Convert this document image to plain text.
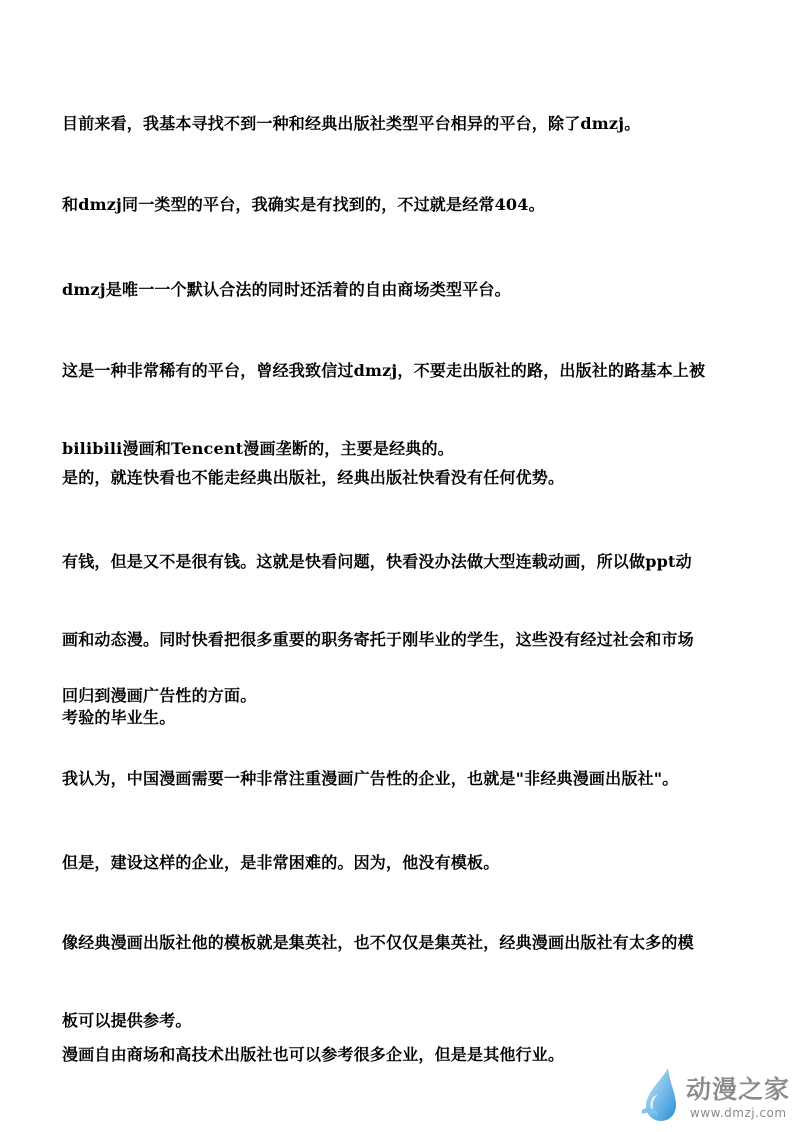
目前来看，我基本寻找不到一种和经典出版社类型平台相异的平台，除了dmzj。

和dmzj同一类型的平台，我确实是有找到的，不过就是经常404。

dmzj是唯一一个默认合法的同时还活着的自由商场类型平台。

这是一种非常稀有的平台，曾经我致信过dmzj，不要走出版社的路，出版社的路基本上被

bilibili漫画和Tencent漫画垄断的，主要是经典的。

是的，就连快看也不能走经典出版社，经典出版社快看没有任何优势。

有钱，但是又不是很有钱。这就是快看问题，快看没办法做大型连载动画，所以做ppt动

画和动态漫。同时快看把很多重要的职务寄托于刚毕业的学生，这些没有经过社会和市场

考验的毕业生。

回归到漫画广告性的方面。

我认为，中国漫画需要一种非常注重漫画广告性的企业，也就是"非经典漫画出版社"。

但是，建设这样的企业，是非常困难的。因为，他没有模板。

像经典漫画出版社他的模板就是集英社，也不仅仅是集英社，经典漫画出版社有太多的模

板可以提供参考。

漫画自由商场和高技术出版社也可以参考很多企业，但是是其他行业。

动漫之家
www.dmzj.com
